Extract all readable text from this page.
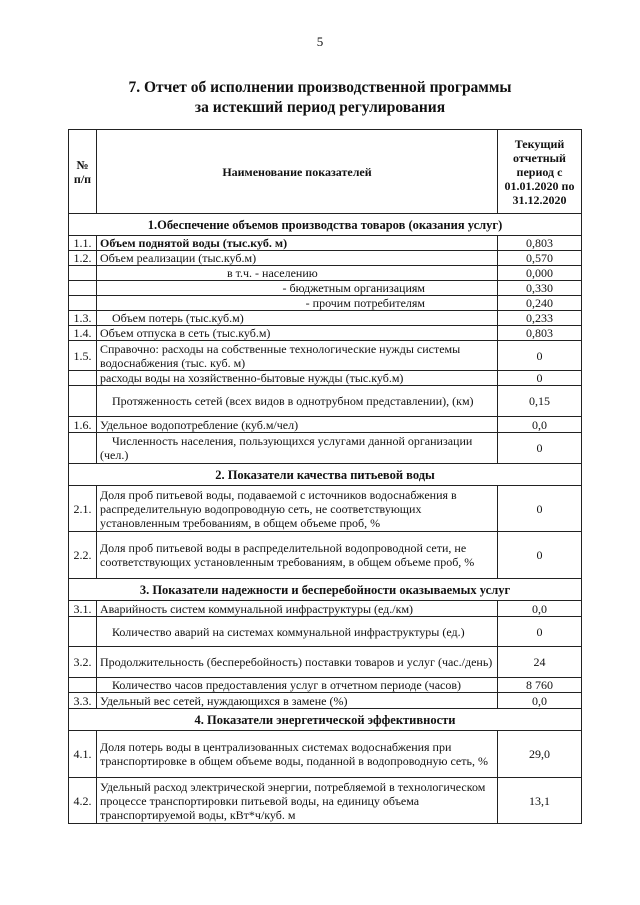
5
7. Отчет об исполнении производственной программы
за истекший период регулирования
№ п/п	Наименование показателей	Текущий отчетный период с 01.01.2020 по 31.12.2020
1.Обеспечение объемов производства товаров (оказания услуг)		
1.1.	Объем поднятой воды (тыс.куб. м)	0,803
1.2.	Объем реализации (тыс.куб.м)	0,570
	в т.ч. - населению	0,000
	- бюджетным организациям	0,330
	- прочим потребителям	0,240
1.3.	Объем потерь (тыс.куб.м)	0,233
1.4.	Объем отпуска в сеть (тыс.куб.м)	0,803
1.5.	Справочно: расходы на собственные технологические нужды системы водоснабжения (тыс. куб. м)	0
	расходы воды на хозяйственно-бытовые нужды (тыс.куб.м)	0
	Протяженность сетей (всех видов в однотрубном представлении), (км)	0,15
1.6.	Удельное водопотребление (куб.м/чел)	0,0
	Численность населения, пользующихся услугами данной организации (чел.)	0
2. Показатели качества питьевой воды		
2.1.	Доля проб питьевой воды, подаваемой с источников водоснабжения в распределительную водопроводную сеть, не соответствующих установленным требованиям, в общем объеме проб, %	0
2.2.	Доля проб питьевой воды в распределительной водопроводной сети, не соответствующих установленным требованиям, в общем объеме проб, %	0
3. Показатели надежности и бесперебойности оказываемых услуг		
3.1.	Аварийность систем коммунальной инфраструктуры (ед./км)	0,0
	Количество аварий на системах коммунальной инфраструктуры (ед.)	0
3.2.	Продолжительность (бесперебойность) поставки товаров и услуг (час./день)	24
	Количество часов предоставления услуг в отчетном периоде (часов)	8 760
3.3.	Удельный вес сетей, нуждающихся в замене (%)	0,0
4. Показатели энергетической эффективности		
4.1.	Доля потерь воды в централизованных системах водоснабжения при транспортировке в общем объеме воды, поданной в водопроводную сеть, %	29,0
4.2.	Удельный расход электрической энергии, потребляемой в технологическом процессе транспортировки питьевой воды, на единицу объема транспортируемой воды, кВт*ч/куб. м	13,1
